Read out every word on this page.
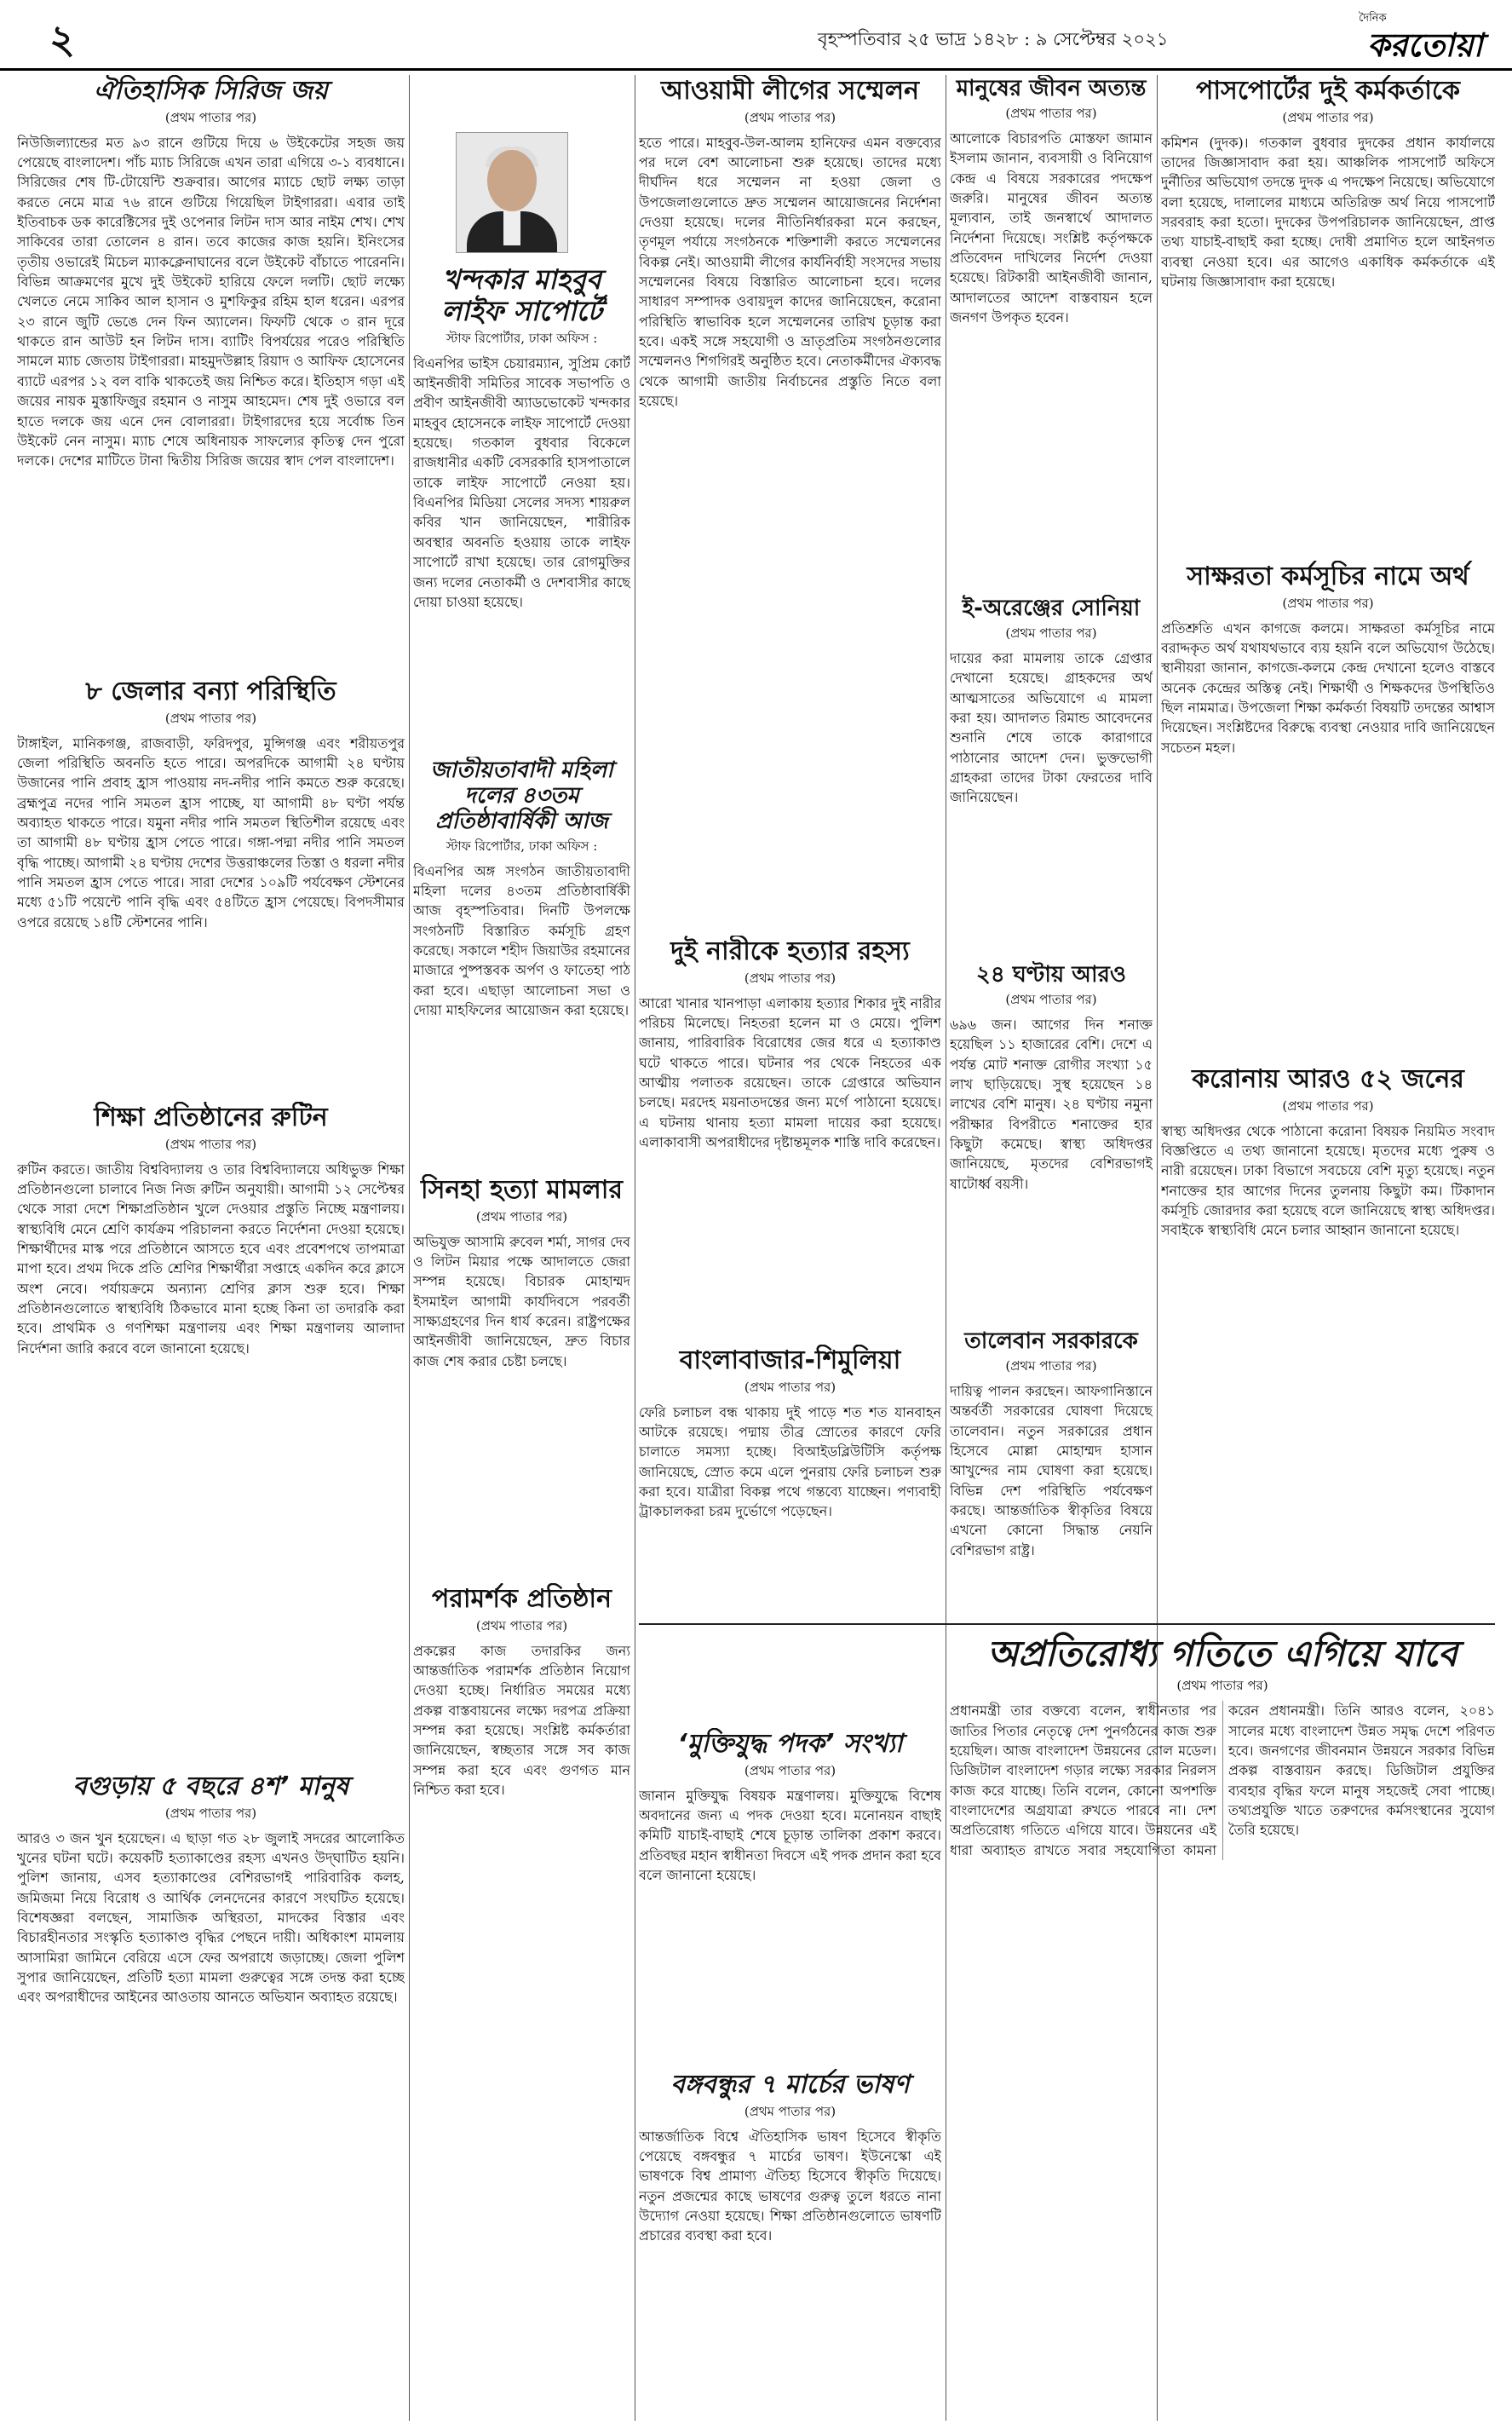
২	বৃহস্পতিবার ২৫ ভাদ্র ১৪২৮ : ৯ সেপ্টেম্বর ২০২১
দৈনিক
করতোয়া
ঐতিহাসিক সিরিজ জয়
(প্রথম পাতার পর)

নিউজিল্যান্ডের মত ৯৩ রানে গুটিয়ে দিয়ে ৬ উইকেটের সহজ জয় পেয়েছে বাংলাদেশ। পাঁচ ম্যাচ সিরিজে এখন তারা এগিয়ে ৩-১ ব্যবধানে। সিরিজের শেষ টি-টোয়েন্টি শুক্রবার। আগের ম্যাচে ছোট লক্ষ্য তাড়া করতে নেমে মাত্র ৭৬ রানে গুটিয়ে গিয়েছিল টাইগাররা। এবার তাই ইতিবাচক ডক কারেক্টিসের দুই ওপেনার লিটন দাস আর নাইম শেখ। শেখ সাকিবের তারা তোলেন ৪ রান। তবে কাজের কাজ হয়নি। ইনিংসের তৃতীয় ওভারেই মিচেল ম্যাকক্লেনাঘানের বলে উইকেট বাঁচাতে পারেননি। বিভিন্ন আক্রমণের মুখে দুই উইকেট হারিয়ে ফেলে দলটি। ছোট লক্ষ্যে খেলতে নেমে সাকিব আল হাসান ও মুশফিকুর রহিম হাল ধরেন। এরপর ২৩ রানে জুটি ভেঙে দেন ফিন অ্যালেন। ফিফটি থেকে ৩ রান দূরে থাকতে রান আউট হন লিটন দাস। ব্যাটিং বিপর্যয়ের পরেও পরিস্থিতি সামলে ম্যাচ জেতায় টাইগাররা। মাহমুদউল্লাহ রিয়াদ ও আফিফ হোসেনের ব্যাটে এরপর ১২ বল বাকি থাকতেই জয় নিশ্চিত করে। ইতিহাস গড়া এই জয়ের নায়ক মুস্তাফিজুর রহমান ও নাসুম আহমেদ। শেষ দুই ওভারে বল হাতে দলকে জয় এনে দেন বোলাররা। টাইগারদের হয়ে সর্বোচ্চ তিন উইকেট নেন নাসুম। ম্যাচ শেষে অধিনায়ক সাফল্যের কৃতিত্ব দেন পুরো দলকে। দেশের মাটিতে টানা দ্বিতীয় সিরিজ জয়ের স্বাদ পেল বাংলাদেশ।

৮ জেলার বন্যা পরিস্থিতি
(প্রথম পাতার পর)

টাঙ্গাইল, মানিকগঞ্জ, রাজবাড়ী, ফরিদপুর, মুন্সিগঞ্জ এবং শরীয়তপুর জেলা পরিস্থিতি অবনতি হতে পারে। অপরদিকে আগামী ২৪ ঘণ্টায় উজানের পানি প্রবাহ হ্রাস পাওয়ায় নদ-নদীর পানি কমতে শুরু করেছে। ব্রহ্মপুত্র নদের পানি সমতল হ্রাস পাচ্ছে, যা আগামী ৪৮ ঘণ্টা পর্যন্ত অব্যাহত থাকতে পারে। যমুনা নদীর পানি সমতল স্থিতিশীল রয়েছে এবং তা আগামী ৪৮ ঘণ্টায় হ্রাস পেতে পারে। গঙ্গা-পদ্মা নদীর পানি সমতল বৃদ্ধি পাচ্ছে। আগামী ২৪ ঘণ্টায় দেশের উত্তরাঞ্চলের তিস্তা ও ধরলা নদীর পানি সমতল হ্রাস পেতে পারে। সারা দেশের ১০৯টি পর্যবেক্ষণ স্টেশনের মধ্যে ৫১টি পয়েন্টে পানি বৃদ্ধি এবং ৫৪টিতে হ্রাস পেয়েছে। বিপদসীমার ওপরে রয়েছে ১৪টি স্টেশনের পানি।

শিক্ষা প্রতিষ্ঠানের রুটিন
(প্রথম পাতার পর)

রুটিন করতে। জাতীয় বিশ্ববিদ্যালয় ও তার বিশ্ববিদ্যালয়ে অধিভুক্ত শিক্ষা প্রতিষ্ঠানগুলো চালাবে নিজ নিজ রুটিন অনুযায়ী। আগামী ১২ সেপ্টেম্বর থেকে সারা দেশে শিক্ষাপ্রতিষ্ঠান খুলে দেওয়ার প্রস্তুতি নিচ্ছে মন্ত্রণালয়। স্বাস্থ্যবিধি মেনে শ্রেণি কার্যক্রম পরিচালনা করতে নির্দেশনা দেওয়া হয়েছে। শিক্ষার্থীদের মাস্ক পরে প্রতিষ্ঠানে আসতে হবে এবং প্রবেশপথে তাপমাত্রা মাপা হবে। প্রথম দিকে প্রতি শ্রেণির শিক্ষার্থীরা সপ্তাহে একদিন করে ক্লাসে অংশ নেবে। পর্যায়ক্রমে অন্যান্য শ্রেণির ক্লাস শুরু হবে। শিক্ষা প্রতিষ্ঠানগুলোতে স্বাস্থ্যবিধি ঠিকভাবে মানা হচ্ছে কিনা তা তদারকি করা হবে। প্রাথমিক ও গণশিক্ষা মন্ত্রণালয় এবং শিক্ষা মন্ত্রণালয় আলাদা নির্দেশনা জারি করবে বলে জানানো হয়েছে।

বগুড়ায় ৫ বছরে ৪শ’ মানুষ
(প্রথম পাতার পর)

আরও ৩ জন খুন হয়েছেন। এ ছাড়া গত ২৮ জুলাই সদরের আলোকিত খুনের ঘটনা ঘটে। কয়েকটি হত্যাকাণ্ডের রহস্য এখনও উদ্‌ঘাটিত হয়নি। পুলিশ জানায়, এসব হত্যাকাণ্ডের বেশিরভাগই পারিবারিক কলহ, জমিজমা নিয়ে বিরোধ ও আর্থিক লেনদেনের কারণে সংঘটিত হয়েছে। বিশেষজ্ঞরা বলছেন, সামাজিক অস্থিরতা, মাদকের বিস্তার এবং বিচারহীনতার সংস্কৃতি হত্যাকাণ্ড বৃদ্ধির পেছনে দায়ী। অধিকাংশ মামলায় আসামিরা জামিনে বেরিয়ে এসে ফের অপরাধে জড়াচ্ছে। জেলা পুলিশ সুপার জানিয়েছেন, প্রতিটি হত্যা মামলা গুরুত্বের সঙ্গে তদন্ত করা হচ্ছে এবং অপরাধীদের আইনের আওতায় আনতে অভিযান অব্যাহত রয়েছে।

খন্দকার মাহবুব লাইফ সাপোর্টে
স্টাফ রিপোর্টার, ঢাকা অফিস :

বিএনপির ভাইস চেয়ারম্যান, সুপ্রিম কোর্ট আইনজীবী সমিতির সাবেক সভাপতি ও প্রবীণ আইনজীবী অ্যাডভোকেট খন্দকার মাহবুব হোসেনকে লাইফ সাপোর্টে দেওয়া হয়েছে। গতকাল বুধবার বিকেলে রাজধানীর একটি বেসরকারি হাসপাতালে তাকে লাইফ সাপোর্টে নেওয়া হয়। বিএনপির মিডিয়া সেলের সদস্য শায়রুল কবির খান জানিয়েছেন, শারীরিক অবস্থার অবনতি হওয়ায় তাকে লাইফ সাপোর্টে রাখা হয়েছে। তার রোগমুক্তির জন্য দলের নেতাকর্মী ও দেশবাসীর কাছে দোয়া চাওয়া হয়েছে।

জাতীয়তাবাদী মহিলা দলের ৪৩তম প্রতিষ্ঠাবার্ষিকী আজ
স্টাফ রিপোর্টার, ঢাকা অফিস :

বিএনপির অঙ্গ সংগঠন জাতীয়তাবাদী মহিলা দলের ৪৩তম প্রতিষ্ঠাবার্ষিকী আজ বৃহস্পতিবার। দিনটি উপলক্ষে সংগঠনটি বিস্তারিত কর্মসূচি গ্রহণ করেছে। সকালে শহীদ জিয়াউর রহমানের মাজারে পুষ্পস্তবক অর্পণ ও ফাতেহা পাঠ করা হবে। এছাড়া আলোচনা সভা ও দোয়া মাহফিলের আয়োজন করা হয়েছে।

সিনহা হত্যা মামলার
(প্রথম পাতার পর)

অভিযুক্ত আসামি রুবেল শর্মা, সাগর দেব ও লিটন মিয়ার পক্ষে আদালতে জেরা সম্পন্ন হয়েছে। বিচারক মোহাম্মদ ইসমাইল আগামী কার্যদিবসে পরবর্তী সাক্ষ্যগ্রহণের দিন ধার্য করেন। রাষ্ট্রপক্ষের আইনজীবী জানিয়েছেন, দ্রুত বিচার কাজ শেষ করার চেষ্টা চলছে।

পরামর্শক প্রতিষ্ঠান
(প্রথম পাতার পর)

প্রকল্পের কাজ তদারকির জন্য আন্তর্জাতিক পরামর্শক প্রতিষ্ঠান নিয়োগ দেওয়া হচ্ছে। নির্ধারিত সময়ের মধ্যে প্রকল্প বাস্তবায়নের লক্ষ্যে দরপত্র প্রক্রিয়া সম্পন্ন করা হয়েছে। সংশ্লিষ্ট কর্মকর্তারা জানিয়েছেন, স্বচ্ছতার সঙ্গে সব কাজ সম্পন্ন করা হবে এবং গুণগত মান নিশ্চিত করা হবে।

আওয়ামী লীগের সম্মেলন
(প্রথম পাতার পর)

হতে পারে। মাহবুব-উল-আলম হানিফের এমন বক্তব্যের পর দলে বেশ আলোচনা শুরু হয়েছে। তাদের মধ্যে দীর্ঘদিন ধরে সম্মেলন না হওয়া জেলা ও উপজেলাগুলোতে দ্রুত সম্মেলন আয়োজনের নির্দেশনা দেওয়া হয়েছে। দলের নীতিনির্ধারকরা মনে করছেন, তৃণমূল পর্যায়ে সংগঠনকে শক্তিশালী করতে সম্মেলনের বিকল্প নেই। আওয়ামী লীগের কার্যনির্বাহী সংসদের সভায় সম্মেলনের বিষয়ে বিস্তারিত আলোচনা হবে। দলের সাধারণ সম্পাদক ওবায়দুল কাদের জানিয়েছেন, করোনা পরিস্থিতি স্বাভাবিক হলে সম্মেলনের তারিখ চূড়ান্ত করা হবে। একই সঙ্গে সহযোগী ও ভ্রাতৃপ্রতিম সংগঠনগুলোর সম্মেলনও শিগগিরই অনুষ্ঠিত হবে। নেতাকর্মীদের ঐক্যবদ্ধ থেকে আগামী জাতীয় নির্বাচনের প্রস্তুতি নিতে বলা হয়েছে।

দুই নারীকে হত্যার রহস্য
(প্রথম পাতার পর)

আরো খানার খানপাড়া এলাকায় হত্যার শিকার দুই নারীর পরিচয় মিলেছে। নিহতরা হলেন মা ও মেয়ে। পুলিশ জানায়, পারিবারিক বিরোধের জের ধরে এ হত্যাকাণ্ড ঘটে থাকতে পারে। ঘটনার পর থেকে নিহতের এক আত্মীয় পলাতক রয়েছেন। তাকে গ্রেপ্তারে অভিযান চলছে। মরদেহ ময়নাতদন্তের জন্য মর্গে পাঠানো হয়েছে। এ ঘটনায় থানায় হত্যা মামলা দায়ের করা হয়েছে। এলাকাবাসী অপরাধীদের দৃষ্টান্তমূলক শাস্তি দাবি করেছেন।

বাংলাবাজার-শিমুলিয়া
(প্রথম পাতার পর)

ফেরি চলাচল বন্ধ থাকায় দুই পাড়ে শত শত যানবাহন আটকে রয়েছে। পদ্মায় তীব্র স্রোতের কারণে ফেরি চালাতে সমস্যা হচ্ছে। বিআইডব্লিউটিসি কর্তৃপক্ষ জানিয়েছে, স্রোত কমে এলে পুনরায় ফেরি চলাচল শুরু করা হবে। যাত্রীরা বিকল্প পথে গন্তব্যে যাচ্ছেন। পণ্যবাহী ট্রাকচালকরা চরম দুর্ভোগে পড়েছেন।

‘মুক্তিযুদ্ধ পদক’ সংখ্যা
(প্রথম পাতার পর)

জানান মুক্তিযুদ্ধ বিষয়ক মন্ত্রণালয়। মুক্তিযুদ্ধে বিশেষ অবদানের জন্য এ পদক দেওয়া হবে। মনোনয়ন বাছাই কমিটি যাচাই-বাছাই শেষে চূড়ান্ত তালিকা প্রকাশ করবে। প্রতিবছর মহান স্বাধীনতা দিবসে এই পদক প্রদান করা হবে বলে জানানো হয়েছে।

বঙ্গবন্ধুর ৭ মার্চের ভাষণ
(প্রথম পাতার পর)

আন্তর্জাতিক বিশ্বে ঐতিহাসিক ভাষণ হিসেবে স্বীকৃতি পেয়েছে বঙ্গবন্ধুর ৭ মার্চের ভাষণ। ইউনেস্কো এই ভাষণকে বিশ্ব প্রামাণ্য ঐতিহ্য হিসেবে স্বীকৃতি দিয়েছে। নতুন প্রজন্মের কাছে ভাষণের গুরুত্ব তুলে ধরতে নানা উদ্যোগ নেওয়া হয়েছে। শিক্ষা প্রতিষ্ঠানগুলোতে ভাষণটি প্রচারের ব্যবস্থা করা হবে।

মানুষের জীবন অত্যন্ত
(প্রথম পাতার পর)

আলোকে বিচারপতি মোস্তফা জামান ইসলাম জানান, ব্যবসায়ী ও বিনিয়োগ কেন্দ্র এ বিষয়ে সরকারের পদক্ষেপ জরুরি। মানুষের জীবন অত্যন্ত মূল্যবান, তাই জনস্বার্থে আদালত নির্দেশনা দিয়েছে। সংশ্লিষ্ট কর্তৃপক্ষকে প্রতিবেদন দাখিলের নির্দেশ দেওয়া হয়েছে। রিটকারী আইনজীবী জানান, আদালতের আদেশ বাস্তবায়ন হলে জনগণ উপকৃত হবেন।

ই-অরেঞ্জের সোনিয়া
(প্রথম পাতার পর)

দায়ের করা মামলায় তাকে গ্রেপ্তার দেখানো হয়েছে। গ্রাহকদের অর্থ আত্মসাতের অভিযোগে এ মামলা করা হয়। আদালত রিমান্ড আবেদনের শুনানি শেষে তাকে কারাগারে পাঠানোর আদেশ দেন। ভুক্তভোগী গ্রাহকরা তাদের টাকা ফেরতের দাবি জানিয়েছেন।

২৪ ঘণ্টায় আরও
(প্রথম পাতার পর)

৬৯৬ জন। আগের দিন শনাক্ত হয়েছিল ১১ হাজারের বেশি। দেশে এ পর্যন্ত মোট শনাক্ত রোগীর সংখ্যা ১৫ লাখ ছাড়িয়েছে। সুস্থ হয়েছেন ১৪ লাখের বেশি মানুষ। ২৪ ঘণ্টায় নমুনা পরীক্ষার বিপরীতে শনাক্তের হার কিছুটা কমেছে। স্বাস্থ্য অধিদপ্তর জানিয়েছে, মৃতদের বেশিরভাগই ষাটোর্ধ্ব বয়সী।

তালেবান সরকারকে
(প্রথম পাতার পর)

দায়িত্ব পালন করছেন। আফগানিস্তানে অন্তর্বর্তী সরকারের ঘোষণা দিয়েছে তালেবান। নতুন সরকারের প্রধান হিসেবে মোল্লা মোহাম্মদ হাসান আখুন্দের নাম ঘোষণা করা হয়েছে। বিভিন্ন দেশ পরিস্থিতি পর্যবেক্ষণ করছে। আন্তর্জাতিক স্বীকৃতির বিষয়ে এখনো কোনো সিদ্ধান্ত নেয়নি বেশিরভাগ রাষ্ট্র।

পাসপোর্টের দুই কর্মকর্তাকে
(প্রথম পাতার পর)

কমিশন (দুদক)। গতকাল বুধবার দুদকের প্রধান কার্যালয়ে তাদের জিজ্ঞাসাবাদ করা হয়। আঞ্চলিক পাসপোর্ট অফিসে দুর্নীতির অভিযোগ তদন্তে দুদক এ পদক্ষেপ নিয়েছে। অভিযোগে বলা হয়েছে, দালালের মাধ্যমে অতিরিক্ত অর্থ নিয়ে পাসপোর্ট সরবরাহ করা হতো। দুদকের উপপরিচালক জানিয়েছেন, প্রাপ্ত তথ্য যাচাই-বাছাই করা হচ্ছে। দোষী প্রমাণিত হলে আইনগত ব্যবস্থা নেওয়া হবে। এর আগেও একাধিক কর্মকর্তাকে এই ঘটনায় জিজ্ঞাসাবাদ করা হয়েছে।

সাক্ষরতা কর্মসূচির নামে অর্থ
(প্রথম পাতার পর)

প্রতিশ্রুতি এখন কাগজে কলমে। সাক্ষরতা কর্মসূচির নামে বরাদ্দকৃত অর্থ যথাযথভাবে ব্যয় হয়নি বলে অভিযোগ উঠেছে। স্থানীয়রা জানান, কাগজে-কলমে কেন্দ্র দেখানো হলেও বাস্তবে অনেক কেন্দ্রের অস্তিত্ব নেই। শিক্ষার্থী ও শিক্ষকদের উপস্থিতিও ছিল নামমাত্র। উপজেলা শিক্ষা কর্মকর্তা বিষয়টি তদন্তের আশ্বাস দিয়েছেন। সংশ্লিষ্টদের বিরুদ্ধে ব্যবস্থা নেওয়ার দাবি জানিয়েছেন সচেতন মহল।

করোনায় আরও ৫২ জনের
(প্রথম পাতার পর)

স্বাস্থ্য অধিদপ্তর থেকে পাঠানো করোনা বিষয়ক নিয়মিত সংবাদ বিজ্ঞপ্তিতে এ তথ্য জানানো হয়েছে। মৃতদের মধ্যে পুরুষ ও নারী রয়েছেন। ঢাকা বিভাগে সবচেয়ে বেশি মৃত্যু হয়েছে। নতুন শনাক্তের হার আগের দিনের তুলনায় কিছুটা কম। টিকাদান কর্মসূচি জোরদার করা হয়েছে বলে জানিয়েছে স্বাস্থ্য অধিদপ্তর। সবাইকে স্বাস্থ্যবিধি মেনে চলার আহ্বান জানানো হয়েছে।

অপ্রতিরোধ্য গতিতে এগিয়ে যাবে
(প্রথম পাতার পর)

প্রধানমন্ত্রী তার বক্তব্যে বলেন, স্বাধীনতার পর জাতির পিতার নেতৃত্বে দেশ পুনর্গঠনের কাজ শুরু হয়েছিল। আজ বাংলাদেশ উন্নয়নের রোল মডেল। ডিজিটাল বাংলাদেশ গড়ার লক্ষ্যে সরকার নিরলস কাজ করে যাচ্ছে। তিনি বলেন, কোনো অপশক্তি বাংলাদেশের অগ্রযাত্রা রুখতে পারবে না। দেশ অপ্রতিরোধ্য গতিতে এগিয়ে যাবে। উন্নয়নের এই ধারা অব্যাহত রাখতে সবার সহযোগিতা কামনা করেন প্রধানমন্ত্রী। তিনি আরও বলেন, ২০৪১ সালের মধ্যে বাংলাদেশ উন্নত সমৃদ্ধ দেশে পরিণত হবে। জনগণের জীবনমান উন্নয়নে সরকার বিভিন্ন প্রকল্প বাস্তবায়ন করছে। ডিজিটাল প্রযুক্তির ব্যবহার বৃদ্ধির ফলে মানুষ সহজেই সেবা পাচ্ছে। তথ্যপ্রযুক্তি খাতে তরুণদের কর্মসংস্থানের সুযোগ তৈরি হয়েছে।
